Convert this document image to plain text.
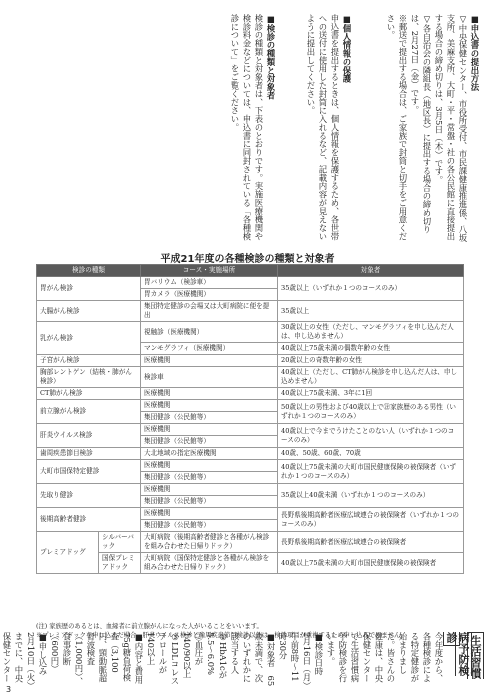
■申込書の提出方法
▽中央保健センター、市役所受付、市民課健康推進係、八坂支所、美麻支所、大町・平・常盤・社の各公民館に直接提出する場合の締め切りは、3月5日（木）です。
▽各自治会の隣組長（地区長）に提出する場合の締め切りは、2月27日（金）です。
※郵送で提出する場合は、ご家族で封筒と切手をご用意ください。
■個人情報の保護
申込書を提出するときは、個人情報を保護するため、各世帯への送付に使用した封筒に入れるなど、記載内容が見えないように提出してください。
■検診の種類と対象者
検診の種類と対象者は、下表のとおりです。実施医療機関や検診料金などについては、申込書に同封されている「各種検診について」をご覧ください。
平成21年度の各種検診の種類と対象者
検診の種類		コース・実施場所	対象者
胃がん検診		胃バリウム（検診車）	35歳以上（いずれか１つのコースのみ）
		胃カメラ（医療機関）	
大腸がん検診		集団特定健診の会場又は大町病院に便を提出	35歳以上
乳がん検診		視触診（医療機関）	30歳以上の女性（ただし、マンモグラフィを申し込んだ人は、申し込めません）
		マンモグラフィ（医療機関）	40歳以上75歳未満の偶数年齢の女性
子宮がん検診		医療機関	20歳以上の奇数年齢の女性
胸部レントゲン（結核・肺がん検診）		検診車	40歳以上（ただし、CT肺がん検診を申し込んだ人は、申し込めません）
CT肺がん検診		医療機関	40歳以上75歳未満、3年に1回
前立腺がん検診		医療機関	50歳以上の男性および40歳以上で㊟家族歴のある男性（いずれか１つのコースのみ）
		集団健診（公民館等）	
肝炎ウイルス検診		医療機関	40歳以上で今までうけたことのない人（いずれか１つのコースのみ）
		集団健診（公民館等）	
歯周疾患節目検診		大北地域の指定医療機関	40歳、50歳、60歳、70歳
大町市国保特定健診		医療機関	40歳以上75歳未満の大町市国民健康保険の被保険者（いずれか１つのコースのみ）
		集団健診（公民館等）	
先取り健診		医療機関	35歳以上40歳未満（いずれか１つのコースのみ）
		集団健診（公民館等）	
後期高齢者健診		医療機関	長野県後期高齢者医療広域連合の被保険者（いずれか１つのコースのみ）
		集団健診（公民館等）	
プレミアドッグ	シルバーバック	大町病院（後期高齢者健診と各種がん検診を組み合わせた日帰りドック）	長野県後期高齢者医療広域連合の被保険者
	国保プレミアドック	大町病院（国保特定健診と各種がん検診を組み合わせた日帰りドック）	40歳以上75歳未満の大町市国民健康保険の被保険者

(注) 家族歴のあるとは、血縁者に前立腺がんになった人がいることをいいます。

※プレミアドックを申し込んだ場合、肝炎ウイルス検診と歯周疾患節目検診以外は、検診項目が重複するため申し込みできません。	生活習慣病予防検診
今年度から、各種検診による特定健診が始まりました。皆さんの健康は、中央保健センターで生活習慣病予防検診を行います。
■検診日時　2月16日（月）午前8時〜11時30分
■対象者　65歳未満で、次のいずれかに該当する人
①HbA1cが5.5〜6.0%
②血圧が140/90以上
③LDLコレステロールが140以上
■内容と費用　75g糖負荷検査（3,100円、頸動脈超音波検査（1,000円）、食事診断（600円）
■申し込み　2月10日（火）までに、中央保健センター
3
